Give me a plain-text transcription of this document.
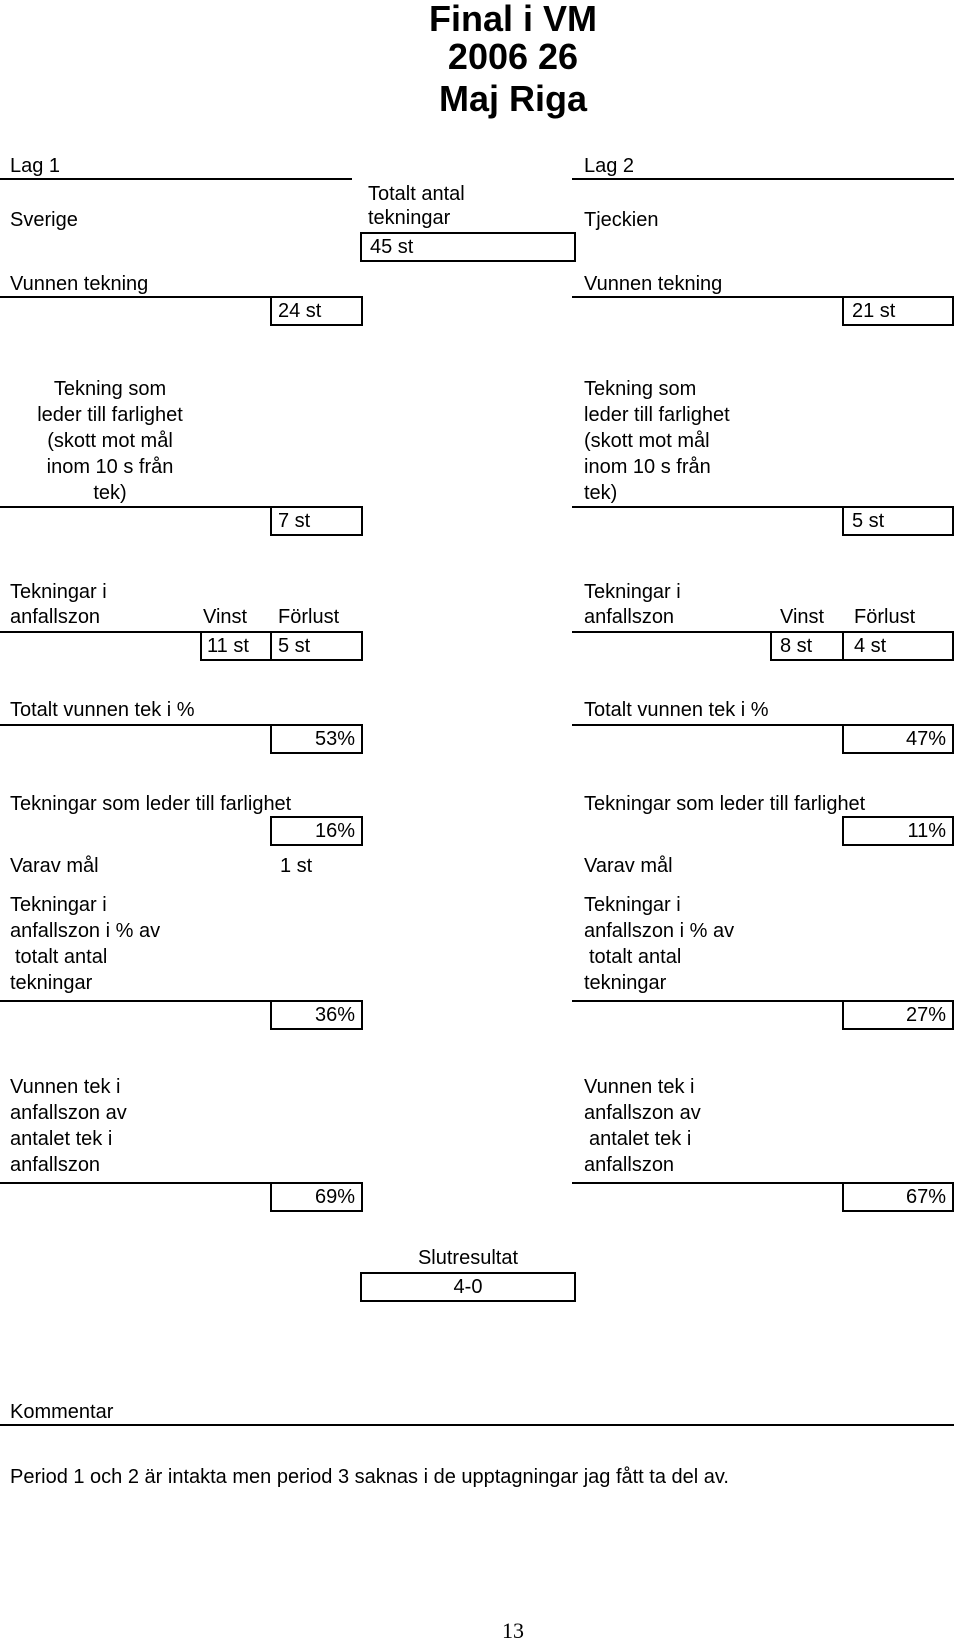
Final i VM
2006 26
Maj Riga
Lag 1	Lag 2
Sverige
Totalt antal
tekningar	Tjeckien
45 st
Vunnen tekning
24 st
Vunnen tekning
21 st
Tekning som
leder till farlighet
(skott mot mål
inom 10 s från
tek)
7 st
Tekning som
leder till farlighet
(skott mot mål
inom 10 s från
tek)
5 st
Tekningar i
anfallszon	Vinst Förlust
11 st 5 st
Tekningar i
anfallszon	Vinst Förlust
8 st 4 st
Totalt vunnen tek i %
53%
Totalt vunnen tek i %
47%
Tekningar som leder till farlighet
16%
Varav mål	1 st
Tekningar som leder till farlighet
11%
Varav mål
Tekningar i
anfallszon i % av
totalt antal
tekningar
36%
Tekningar i
anfallszon i % av
totalt antal
tekningar
27%
Vunnen tek i
anfallszon av
antalet tek i
anfallszon
69%
Vunnen tek i
anfallszon av
antalet tek i
anfallszon
67%
Slutresultat
4-0
Kommentar
Period 1 och 2 är intakta men period 3 saknas i de upptagningar jag fått ta del av.
13
